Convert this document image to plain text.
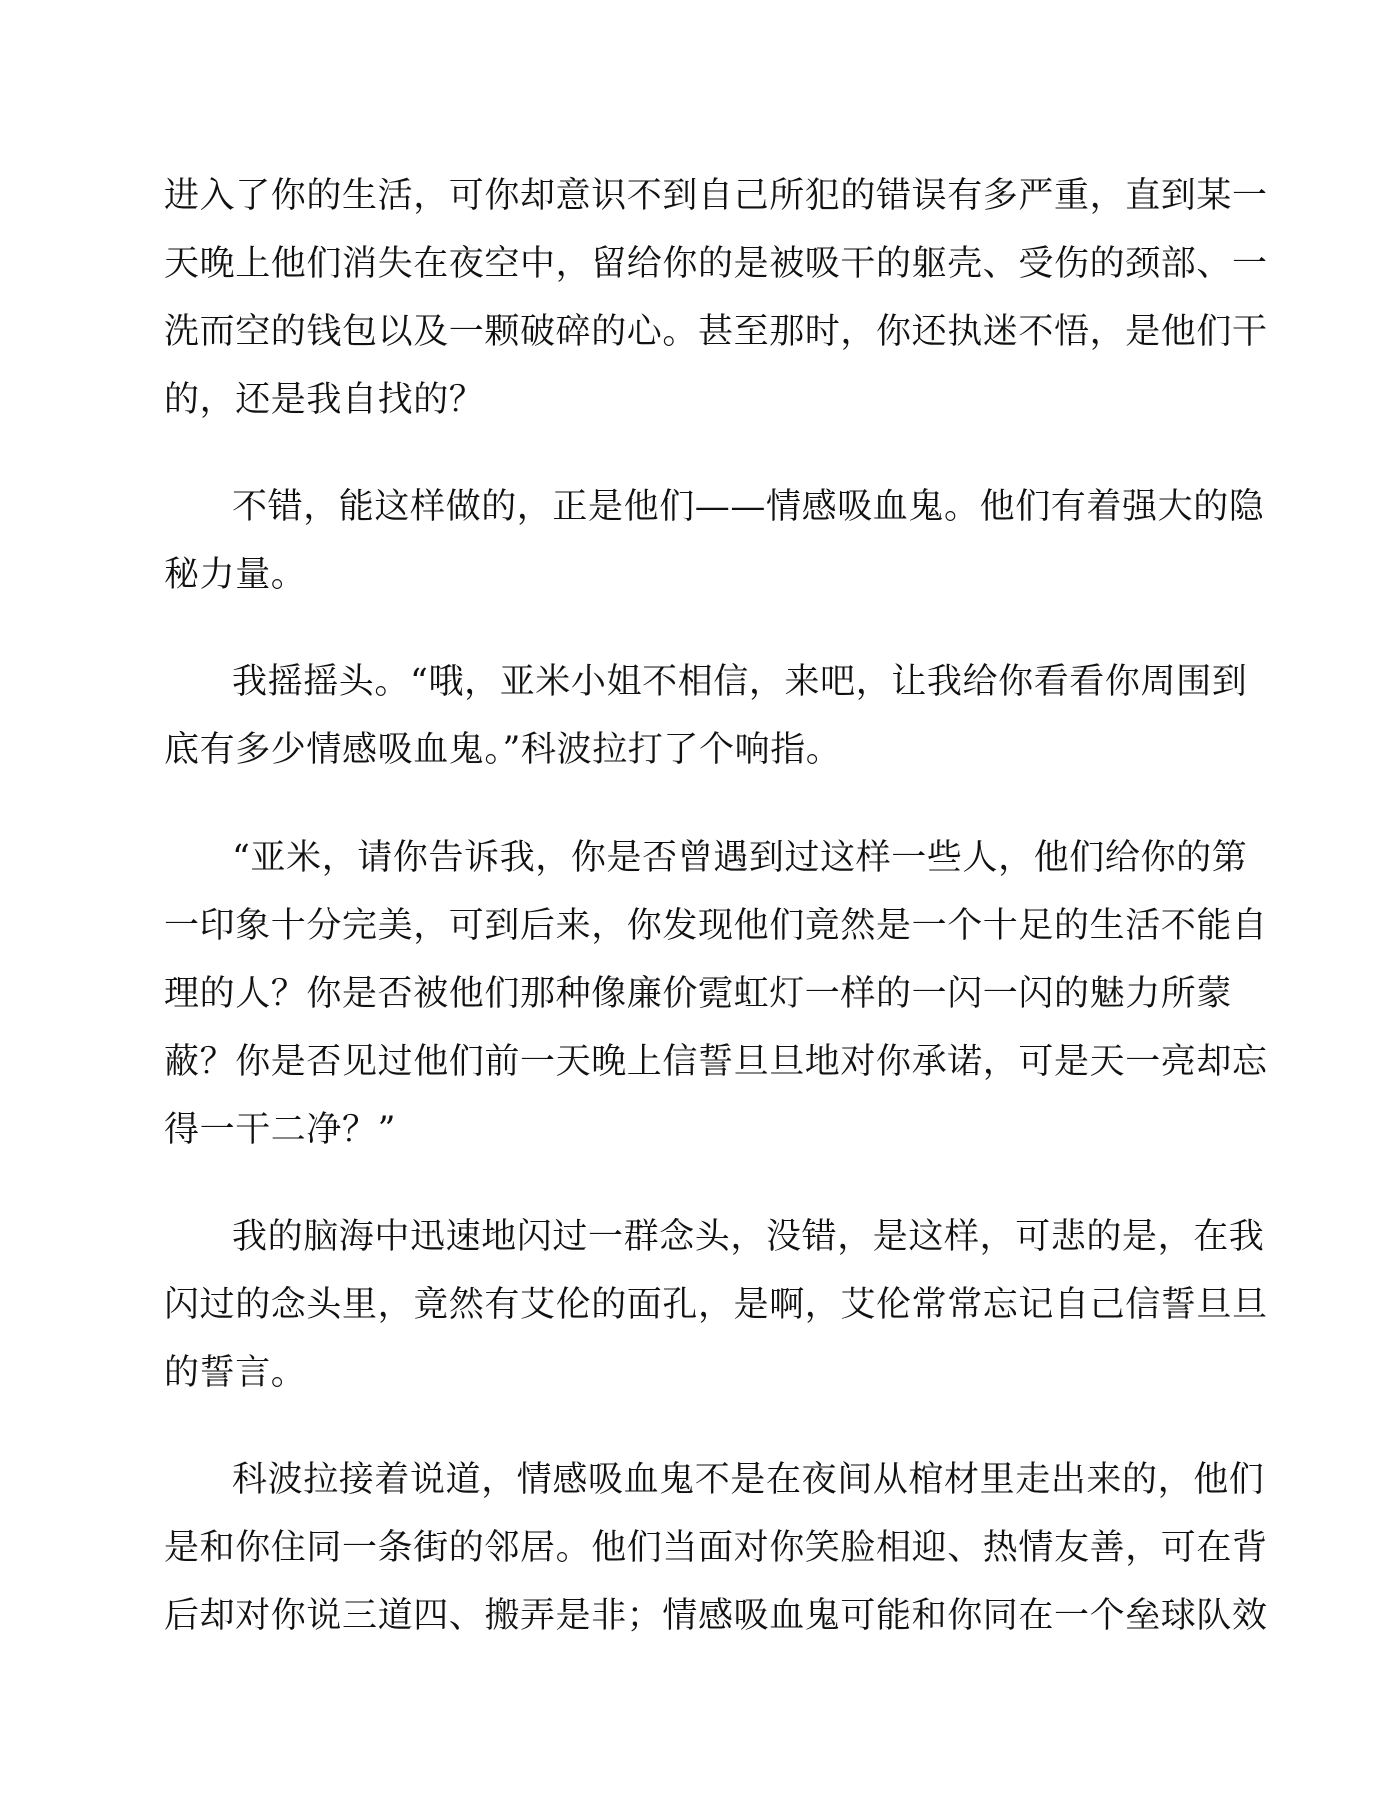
进入了你的生活，可你却意识不到自己所犯的错误有多严重，直到某一
天晚上他们消失在夜空中，留给你的是被吸干的躯壳、受伤的颈部、一
洗而空的钱包以及一颗破碎的心。甚至那时，你还执迷不悟，是他们干
的，还是我自找的？
不错，能这样做的，正是他们——情感吸血鬼。他们有着强大的隐
秘力量。
我摇摇头。“哦，亚米小姐不相信，来吧，让我给你看看你周围到
底有多少情感吸血鬼。”科波拉打了个响指。
“亚米，请你告诉我，你是否曾遇到过这样一些人，他们给你的第
一印象十分完美，可到后来，你发现他们竟然是一个十足的生活不能自
理的人？你是否被他们那种像廉价霓虹灯一样的一闪一闪的魅力所蒙
蔽？你是否见过他们前一天晚上信誓旦旦地对你承诺，可是天一亮却忘
得一干二净？”
我的脑海中迅速地闪过一群念头，没错，是这样，可悲的是，在我
闪过的念头里，竟然有艾伦的面孔，是啊，艾伦常常忘记自己信誓旦旦
的誓言。
科波拉接着说道，情感吸血鬼不是在夜间从棺材里走出来的，他们
是和你住同一条街的邻居。他们当面对你笑脸相迎、热情友善，可在背
后却对你说三道四、搬弄是非；情感吸血鬼可能和你同在一个垒球队效
